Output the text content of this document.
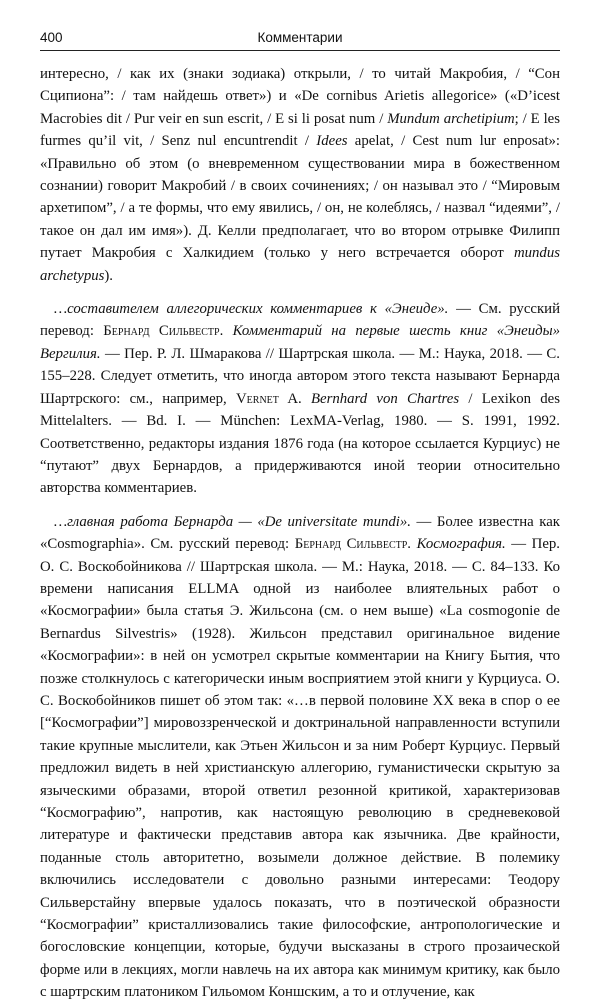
400	Комментарии

интересно, / как их (знаки зодиака) открыли, / то читай Макробия, / “Сон Сципиона”: / там найдешь ответ») и «De cornibus Arietis allegorice» («D’icest Macrobies dit / Pur veir en sun escrit, / E si li posat num / Mundum archetipium; / E les furmes qu’il vit, / Senz nul encuntrendit / Idees apelat, / Cest num lur enposat»: «Правильно об этом (о вневременном существовании мира в божественном сознании) говорит Макробий / в своих сочинениях; / он называл это / “Мировым архетипом”, / а те формы, что ему явились, / он, не колеблясь, / назвал “идеями”, / такое он дал им имя»). Д. Келли предполагает, что во втором отрывке Филипп путает Макробия с Халкидием (только у него встречается оборот mundus archetypus).

…составителем аллегорических комментариев к «Энеиде». — См. русский перевод: Бернард Сильвестр. Комментарий на первые шесть книг «Энеиды» Вергилия. — Пер. Р. Л. Шмаракова // Шартрская школа. — М.: Наука, 2018. — С. 155–228. Следует отметить, что иногда автором этого текста называют Бернарда Шартрского: см., например, Vernet A. Bernhard von Chartres / Lexikon des Mittelalters. — Bd. I. — München: LexMA-Verlag, 1980. — S. 1991, 1992. Соответственно, редакторы издания 1876 года (на которое ссылается Курциус) не “путают” двух Бернардов, а придерживаются иной теории относительно авторства комментариев.

…главная работа Бернарда — «De universitate mundi». — Более известна как «Cosmographia». См. русский перевод: Бернард Сильвестр. Космография. — Пер. О. С. Воскобойникова // Шартрская школа. — М.: Наука, 2018. — С. 84–133. Ко времени написания ELLMA одной из наиболее влиятельных работ о «Космографии» была статья Э. Жильсона (см. о нем выше) «La cosmogonie de Bernardus Silvestris» (1928). Жильсон представил оригинальное видение «Космографии»: в ней он усмотрел скрытые комментарии на Книгу Бытия, что позже столкнулось с категорически иным восприятием этой книги у Курциуса. О. С. Воскобойников пишет об этом так: «…в первой половине XX века в спор о ее [“Космографии”] мировоззренческой и доктринальной направленности вступили такие крупные мыслители, как Этьен Жильсон и за ним Роберт Курциус. Первый предложил видеть в ней христианскую аллегорию, гуманистически скрытую за языческими образами, второй ответил резонной критикой, характеризовав “Космографию”, напротив, как настоящую революцию в средневековой литературе и фактически представив автора как язычника. Две крайности, поданные столь авторитетно, возымели должное действие. В полемику включились исследователи с довольно разными интересами: Теодору Сильверстайну впервые удалось показать, что в поэтической образности “Космографии” кристаллизовались такие философские, антропологические и богословские концепции, которые, будучи высказаны в строго прозаической форме или в лекциях, могли навлечь на их автора как минимум критику, как было с шартрским платоником Гильомом Коншским, а то и отлучение, как
